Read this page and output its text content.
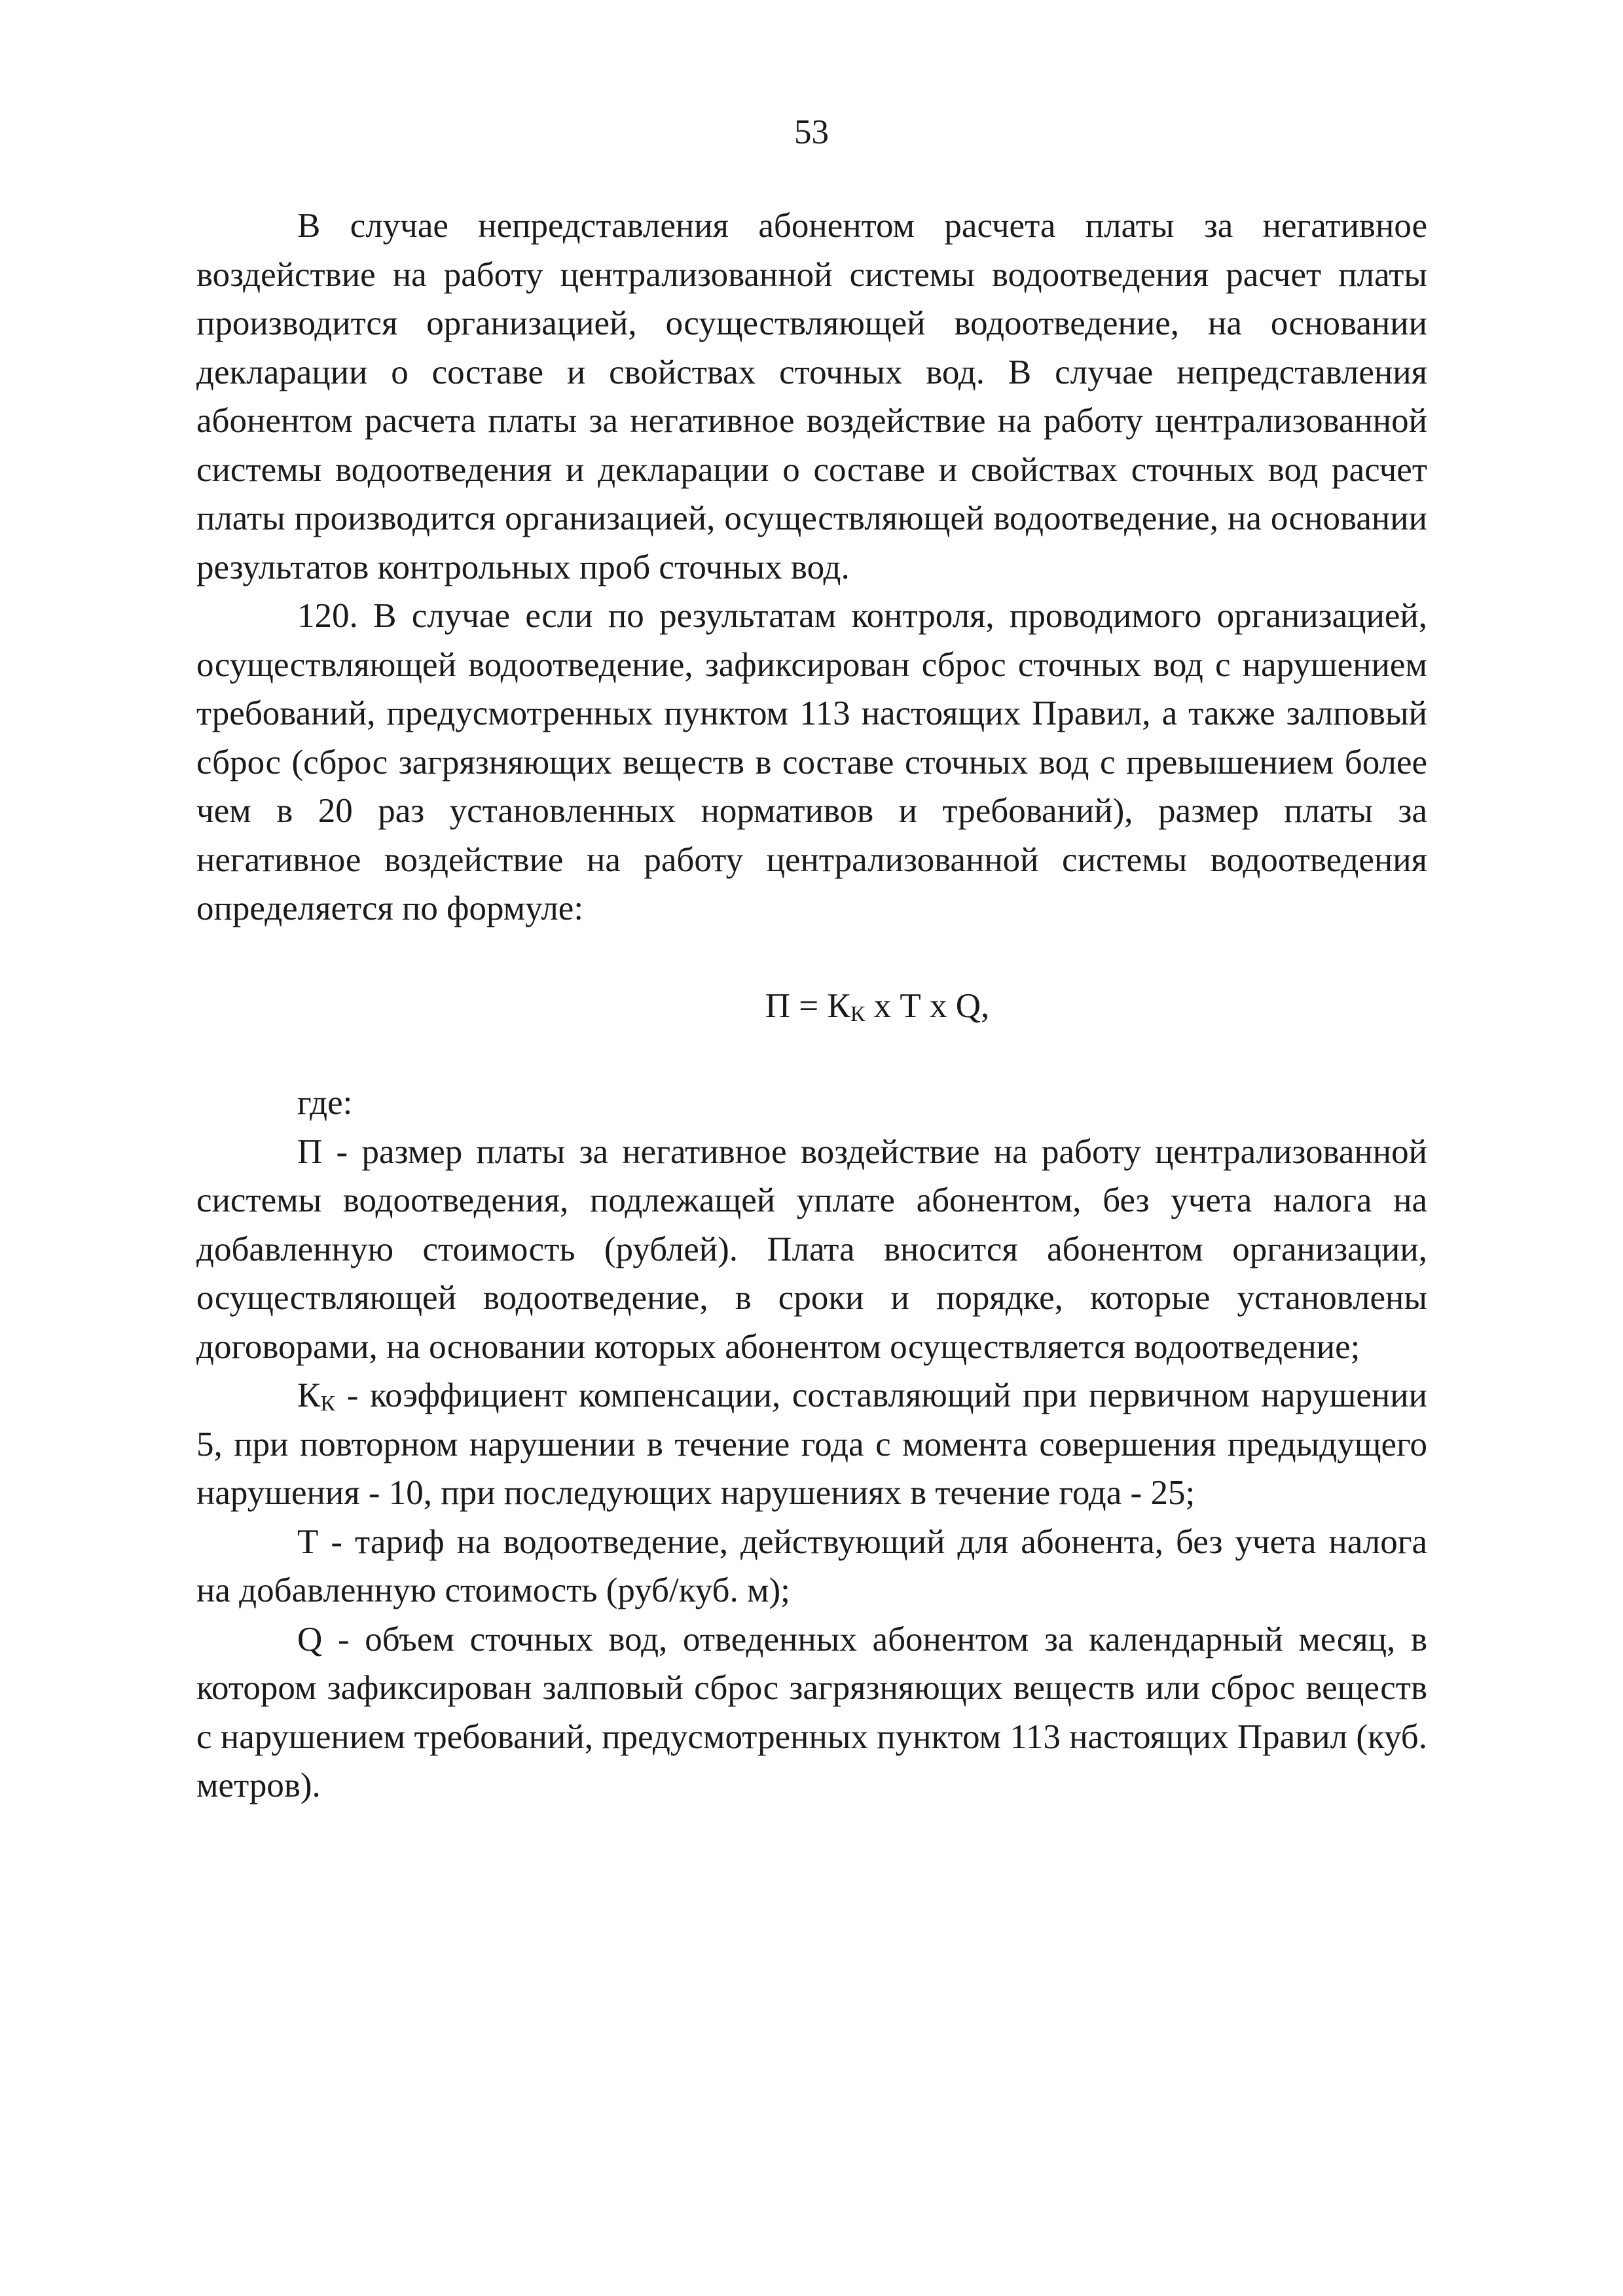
53

В случае непредставления абонентом расчета платы за негативное воздействие на работу централизованной системы водоотведения расчет платы производится организацией, осуществляющей водоотведение, на основании декларации о составе и свойствах сточных вод. В случае непредставления абонентом расчета платы за негативное воздействие на работу централизованной системы водоотведения и декларации о составе и свойствах сточных вод расчет платы производится организацией, осуществляющей водоотведение, на основании результатов контрольных проб сточных вод.

120. В случае если по результатам контроля, проводимого организацией, осуществляющей водоотведение, зафиксирован сброс сточных вод с нарушением требований, предусмотренных пунктом 113 настоящих Правил, а также залповый сброс (сброс загрязняющих веществ в составе сточных вод с превышением более чем в 20 раз установленных нормативов и требований), размер платы за негативное воздействие на работу централизованной системы водоотведения определяется по формуле:

$П = К_К$ x Т x Q,

где:

П - размер платы за негативное воздействие на работу централизованной системы водоотведения, подлежащей уплате абонентом, без учета налога на добавленную стоимость (рублей). Плата вносится абонентом организации, осуществляющей водоотведение, в сроки и порядке, которые установлены договорами, на основании которых абонентом осуществляется водоотведение;

$К_К$ - коэффициент компенсации, составляющий при первичном нарушении 5, при повторном нарушении в течение года с момента совершения предыдущего нарушения - 10, при последующих нарушениях в течение года - 25;

Т - тариф на водоотведение, действующий для абонента, без учета налога на добавленную стоимость (руб/куб. м);

Q - объем сточных вод, отведенных абонентом за календарный месяц, в котором зафиксирован залповый сброс загрязняющих веществ или сброс веществ с нарушением требований, предусмотренных пунктом 113 настоящих Правил (куб. метров).
